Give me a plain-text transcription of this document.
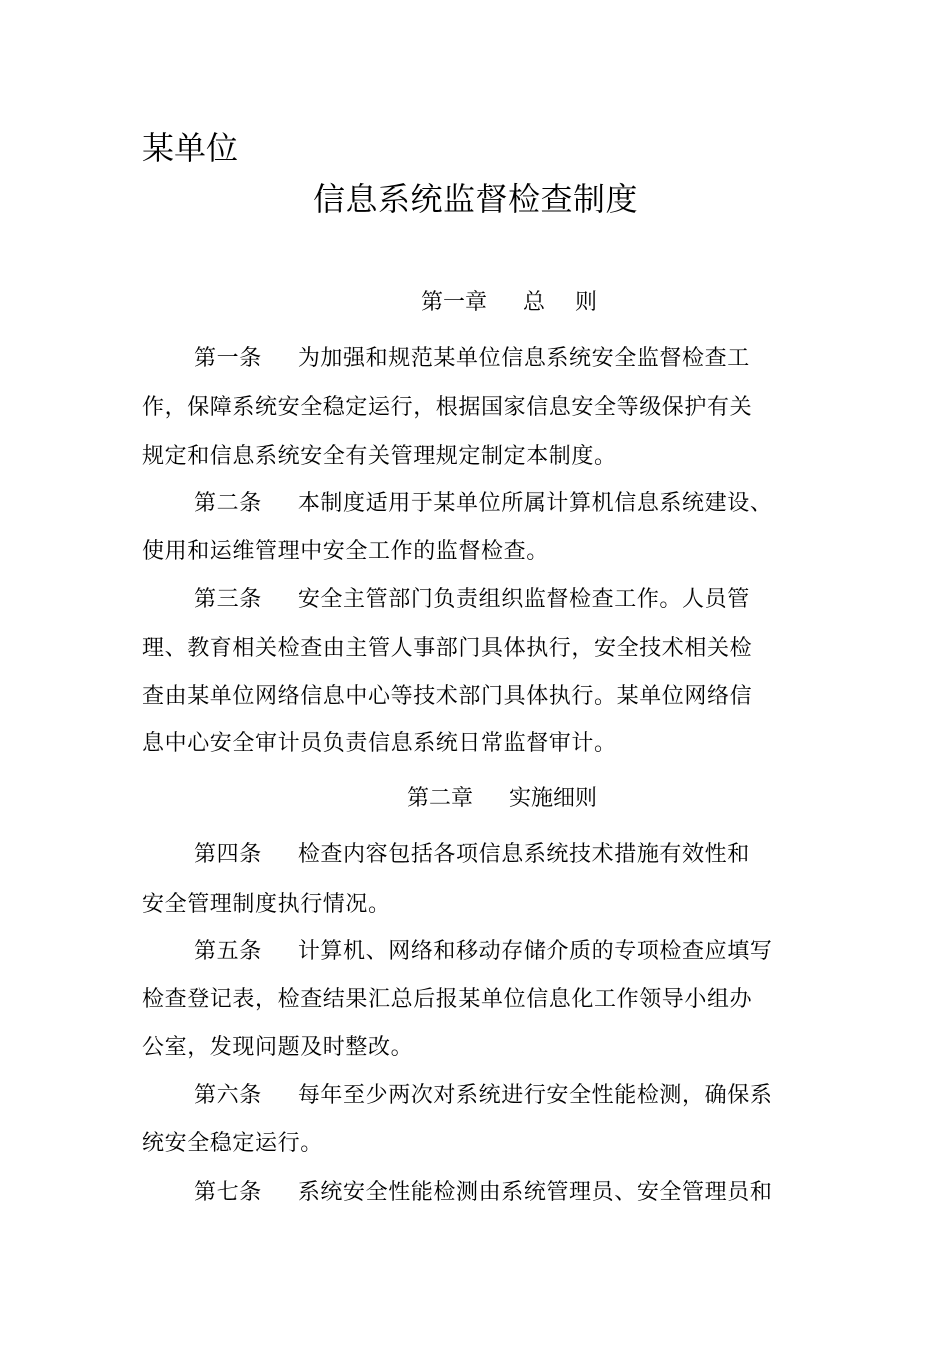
某单位
信息系统监督检查制度
第一章 总 则
第一条 为加强和规范某单位信息系统安全监督检查工
作，保障系统安全稳定运行，根据国家信息安全等级保护有关
规定和信息系统安全有关管理规定制定本制度。
第二条 本制度适用于某单位所属计算机信息系统建设、
使用和运维管理中安全工作的监督检查。
第三条 安全主管部门负责组织监督检查工作。人员管
理、教育相关检查由主管人事部门具体执行，安全技术相关检
查由某单位网络信息中心等技术部门具体执行。某单位网络信
息中心安全审计员负责信息系统日常监督审计。
第二章 实施细则
第四条 检查内容包括各项信息系统技术措施有效性和
安全管理制度执行情况。
第五条 计算机、网络和移动存储介质的专项检查应填写
检查登记表，检查结果汇总后报某单位信息化工作领导小组办
公室，发现问题及时整改。
第六条 每年至少两次对系统进行安全性能检测，确保系
统安全稳定运行。
第七条 系统安全性能检测由系统管理员、安全管理员和
